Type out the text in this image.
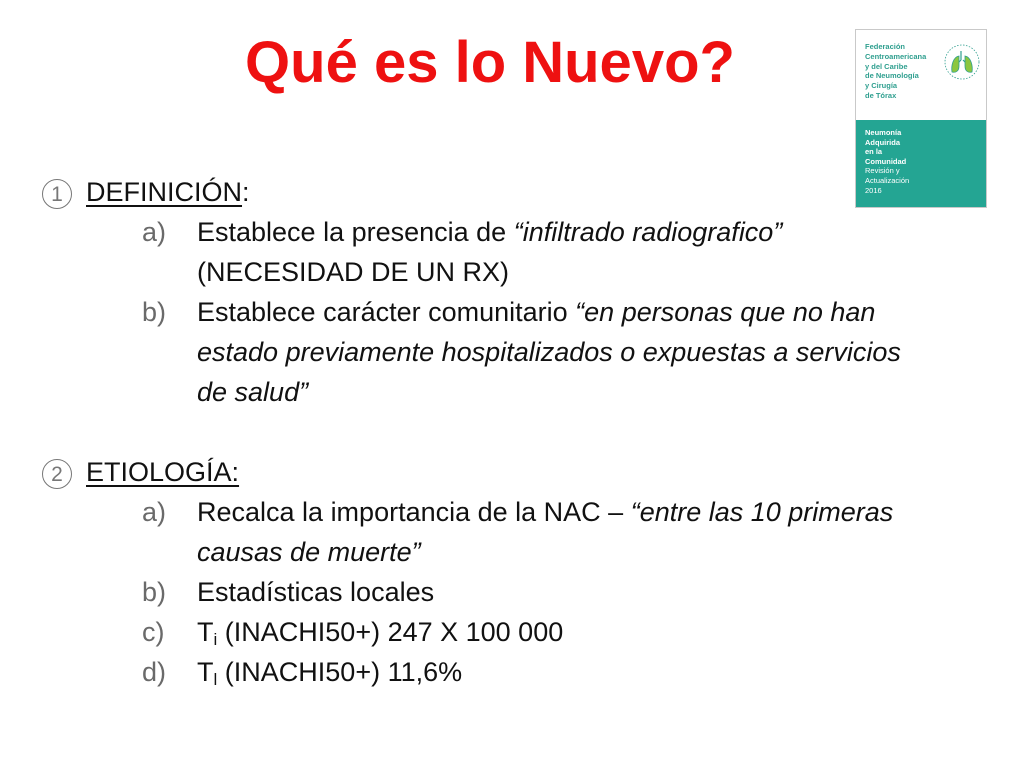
Qué es lo Nuevo?	Federación
Centroamericana
y del Caribe
de Neumología
y Cirugía
de Tórax
Neumonía
Adquirida
en la
Comunidad
Revisión y
Actualización
2016
1 DEFINICIÓN:
a) Establece la presencia de “infiltrado radiografico”
(NECESIDAD DE UN RX)
b) Establece carácter comunitario “en personas que no han
estado previamente hospitalizados o expuestas a servicios
de salud”
2 ETIOLOGÍA:
a) Recalca la importancia de la NAC – “entre las 10 primeras
causas de muerte”
b) Estadísticas locales
c) $T_i$ (INACHI50+) 247 X 100 000
d) $T_l$ (INACHI50+) 11,6%
